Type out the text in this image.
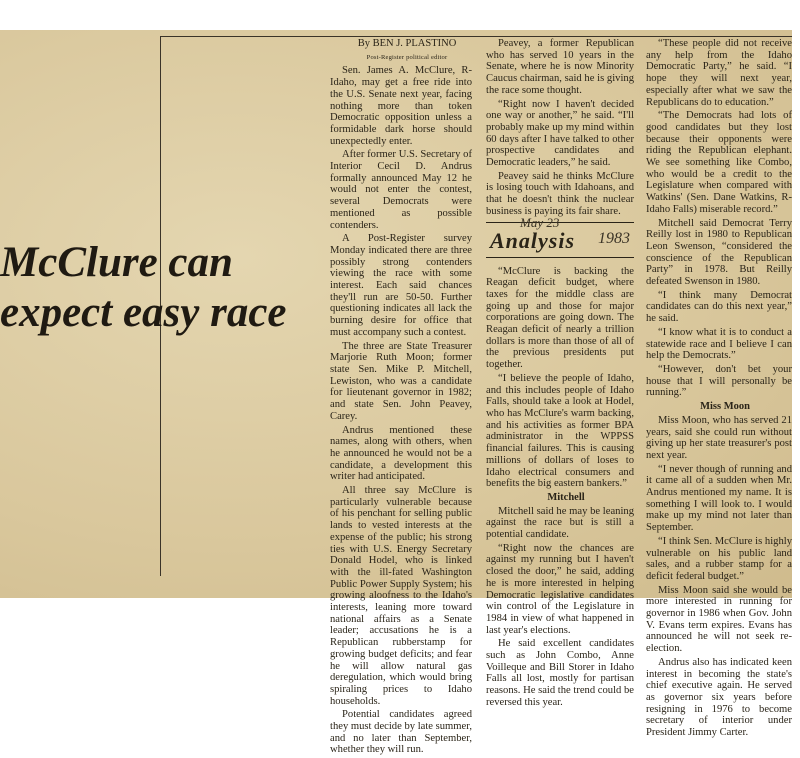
McClure can expect easy race

By BEN J. PLASTINO

Post-Register political editor

Sen. James A. McClure, R-Idaho, may get a free ride into the U.S. Senate next year, facing nothing more than token Democratic opposition unless a formidable dark horse should unexpectedly enter.

After former U.S. Secretary of Interior Cecil D. Andrus formally announced May 12 he would not enter the contest, several Democrats were mentioned as possible contenders.

A Post-Register survey Monday indicated there are three possibly strong contenders viewing the race with some interest. Each said chances they'll run are 50-50. Further questioning indicates all lack the burning desire for office that must accompany such a contest.

The three are State Treasurer Marjorie Ruth Moon; former state Sen. Mike P. Mitchell, Lewiston, who was a candidate for lieutenant governor in 1982; and state Sen. John Peavey, Carey.

Andrus mentioned these names, along with others, when he announced he would not be a candidate, a development this writer had anticipated.

All three say McClure is particularly vulnerable because of his penchant for selling public lands to vested interests at the expense of the public; his strong ties with U.S. Energy Secretary Donald Hodel, who is linked with the ill-fated Washington Public Power Supply System; his growing aloofness to the Idaho's interests, leaning more toward national affairs as a Senate leader; accusations he is a Republican rubberstamp for growing budget deficits; and fear he will allow natural gas deregulation, which would bring spiraling prices to Idaho households.

Potential candidates agreed they must decide by late summer, and no later than September, whether they will run.

Peavey, a former Republican who has served 10 years in the Senate, where he is now Minority Caucus chairman, said he is giving the race some thought.

“Right now I haven't decided one way or another,” he said. “I'll probably make up my mind within 60 days after I have talked to other prospective candidates and Democratic leaders,” he said.

Peavey said he thinks McClure is losing touch with Idahoans, and that he doesn't think the nuclear business is paying its fair share.

Analysis
May 23
1983

“McClure is backing the Reagan deficit budget, where taxes for the middle class are going up and those for major corporations are going down. The Reagan deficit of nearly a trillion dollars is more than those of all of the previous presidents put together.

“I believe the people of Idaho, and this includes people of Idaho Falls, should take a look at Hodel, who has McClure's warm backing, and his activities as former BPA administrator in the WPPSS financial failures. This is causing millions of dollars of loses to Idaho electrical consumers and benefits the big eastern bankers.”

Mitchell

Mitchell said he may be leaning against the race but is still a potential candidate.

“Right now the chances are against my running but I haven't closed the door,” he said, adding he is more interested in helping Democratic legislative candidates win control of the Legislature in 1984 in view of what happened in last year's elections.

He said excellent candidates such as John Combo, Anne Voilleque and Bill Storer in Idaho Falls all lost, mostly for partisan reasons. He said the trend could be reversed this year.

“These people did not receive any help from the Idaho Democratic Party,” he said. “I hope they will next year, especially after what we saw the Republicans do to education.”

“The Democrats had lots of good candidates but they lost because their opponents were riding the Republican elephant. We see something like Combo, who would be a credit to the Legislature when compared with Watkins' (Sen. Dane Watkins, R-Idaho Falls) miserable record.”

Mitchell said Democrat Terry Reilly lost in 1980 to Republican Leon Swenson, “considered the conscience of the Republican Party” in 1978. But Reilly defeated Swenson in 1980.

“I think many Democrat candidates can do this next year,” he said.

“I know what it is to conduct a statewide race and I believe I can help the Democrats.”

“However, don't bet your house that I will personally be running.”

Miss Moon

Miss Moon, who has served 21 years, said she could run without giving up her state treasurer's post next year.

“I never though of running and it came all of a sudden when Mr. Andrus mentioned my name. It is something I will look to. I would make up my mind not later than September.

“I think Sen. McClure is highly vulnerable on his public land sales, and a rubber stamp for a deficit federal budget.”

Miss Moon said she would be more interested in running for governor in 1986 when Gov. John V. Evans term expires. Evans has announced he will not seek re-election.

Andrus also has indicated keen interest in becoming the state's chief executive again. He served as governor six years before resigning in 1976 to become secretary of interior under President Jimmy Carter.
